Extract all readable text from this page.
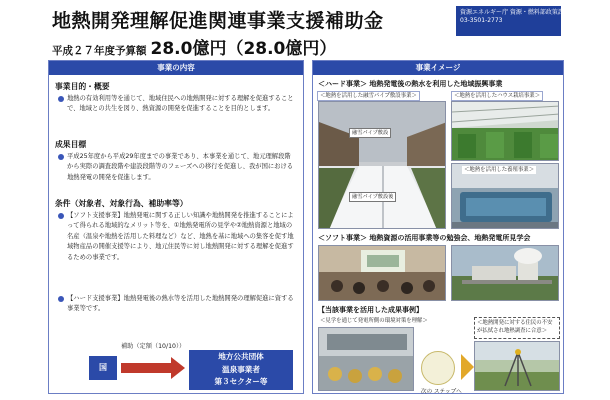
地熱開発理解促進関連事業支援補助金
平成２７年度予算額 28.0億円（28.0億円）
資源エネルギー庁 資源・燃料部政策課
03-3501-2773
事業の内容
事業目的・概要
地熱の有効利用等を通じて、地域住民への地熱開発に対する理解を促進することで、地域との共生を図り、熱資源の開発を促進することを目的とします。
成果目標
平成25年度から平成29年度までの事業であり、本事業を通じて、地元理解段階から実際の調査段階や建設段階等のフェーズへの移行を促進し、我が国における地熱発電の開発を促進します。
条件（対象者、対象行為、補助率等）
【ソフト支援事業】地熱発電に関する正しい知識や地熱開発を推進することによって得られる地域的なメリット等を、①地熱発電所の見学や②地熱資源と地域の名産（温泉や地熱を活用した料理など）など、地熱を基に地域への集客を促す地域物産品の開催支援等により、地元住民等に対し地熱開発に対する理解を促進するための事業です。
【ハード支援事業】地熱発電後の熱水等を活用した地熱開発の理解促進に資する事業等です。
補助（定額（10/10））
国
地方公共団体
温泉事業者
第３セクター等
事業イメージ
＜ハード事業＞ 地熱発電後の熱水を利用した地域振興事業
＜地熱を活用した融雪パイプ敷設事業＞
融雪パイプ敷設
融雪パイプ敷設後
＜地熱を活用したハウス栽培事業＞
＜地熱を活用した養殖事業＞
＜ソフト事業＞ 地熱資源の活用事業等の勉強会、地熱発電所見学会
【当該事業を活用した成果事例】
＜見学を通じて発電所側の環境対策を理解＞
次の ステップへ
＜地熱開発に対する住民の不安が払拭され地熱調査に合意＞
